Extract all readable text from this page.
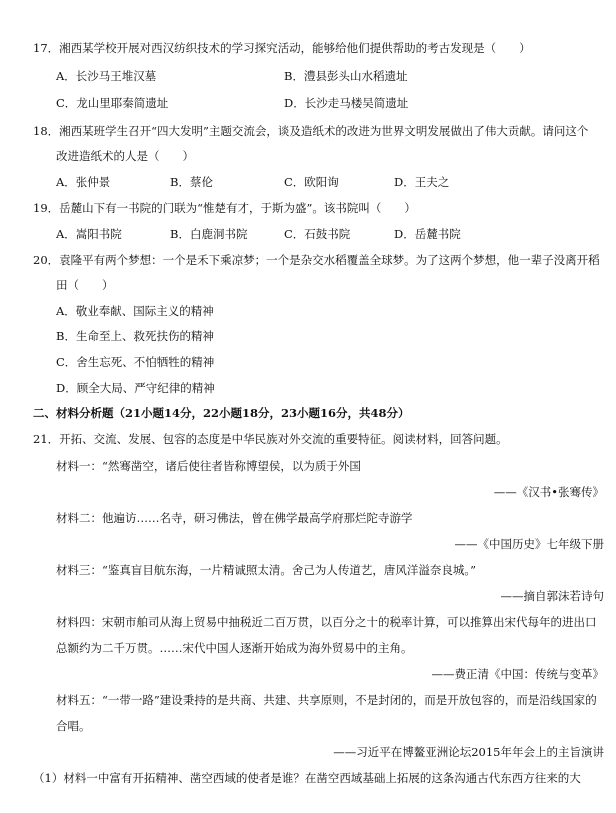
17．湘西某学校开展对西汉纺织技术的学习探究活动，能够给他们提供帮助的考古发现是（　　）
A．长沙马王堆汉墓	B．澧县彭头山水稻遗址
C．龙山里耶秦简遗址	D．长沙走马楼吴简遗址
18．湘西某班学生召开“四大发明”主题交流会，谈及造纸术的改进为世界文明发展做出了伟大贡献。请问这个
改进造纸术的人是（　　）
A．张仲景	B．蔡伦	C．欧阳询	D．王夫之
19．岳麓山下有一书院的门联为“惟楚有才，于斯为盛”。该书院叫（　　）
A．嵩阳书院	B．白鹿洞书院	C．石鼓书院	D．岳麓书院
20．袁隆平有两个梦想：一个是禾下乘凉梦；一个是杂交水稻覆盖全球梦。为了这两个梦想，他一辈子没离开稻
田（　　）
A．敬业奉献、国际主义的精神
B．生命至上、救死扶伤的精神
C．舍生忘死、不怕牺牲的精神
D．顾全大局、严守纪律的精神
二、材料分析题（21小题14分，22小题18分，23小题16分，共48分）
21．开拓、交流、发展、包容的态度是中华民族对外交流的重要特征。阅读材料，回答问题。
材料一：“然骞凿空，诸后使往者皆称博望侯，以为质于外国
——《汉书•张骞传》
材料二：他遍访……名寺，研习佛法，曾在佛学最高学府那烂陀寺游学
——《中国历史》七年级下册
材料三：“鉴真盲目航东海，一片精诚照太清。舍己为人传道艺，唐风洋溢奈良城。”
——摘自郭沫若诗句
材料四：宋朝市舶司从海上贸易中抽税近二百万贯，以百分之十的税率计算，可以推算出宋代每年的进出口
总额约为二千万贯。……宋代中国人逐渐开始成为海外贸易中的主角。
——费正清《中国：传统与变革》
材料五：“一带一路”建设秉持的是共商、共建、共享原则，不是封闭的，而是开放包容的，而是沿线国家的
合唱。
——习近平在博鳌亚洲论坛2015年年会上的主旨演讲
（1）材料一中富有开拓精神、凿空西域的使者是谁？在凿空西域基础上拓展的这条沟通古代东西方往来的大
